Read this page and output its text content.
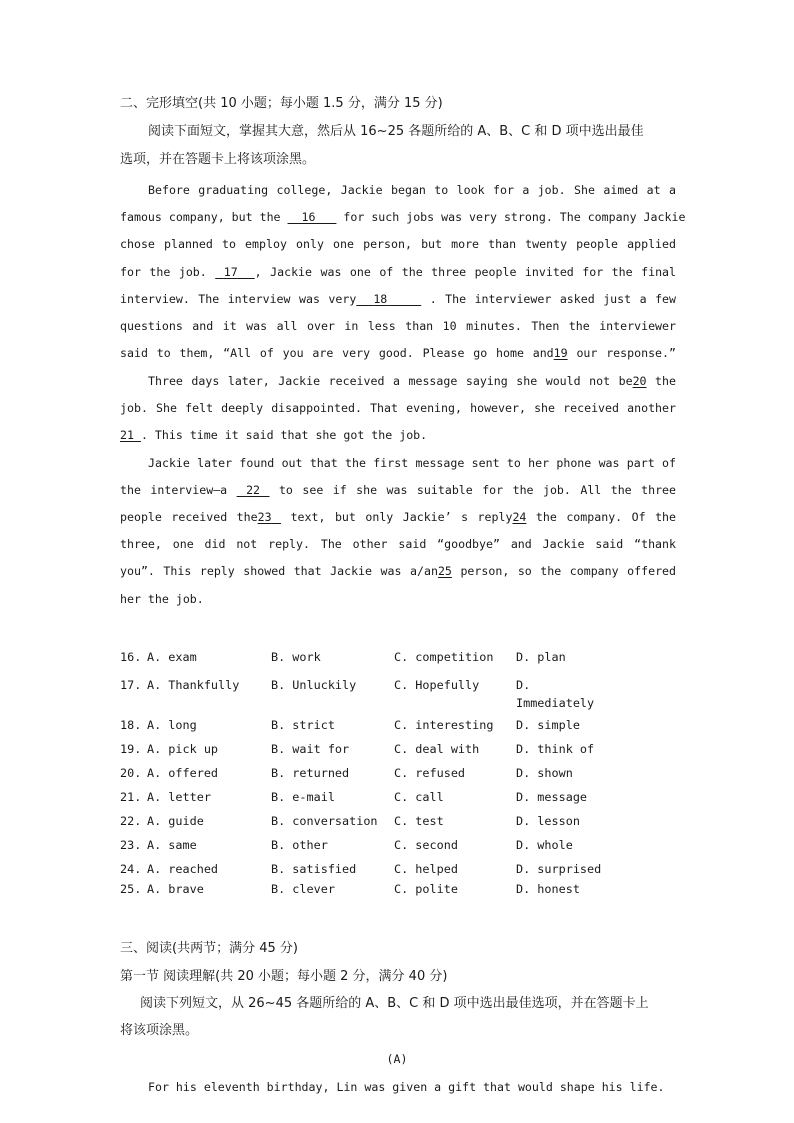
二、完形填空(共 10 小题；每小题 1.5 分，满分 15 分)
阅读下面短文，掌握其大意，然后从 16~25 各题所给的 A、B、C 和 D 项中选出最佳
选项，并在答题卡上将该项涂黑。
Before graduating college, Jackie began to look for a job. She aimed at a
famous company, but the 16 for such jobs was very strong. The company Jackie
chose planned to employ only one person, but more than twenty people applied
for the job. 17 , Jackie was one of the three people invited for the final
interview. The interview was very 18	. The interviewer asked just a few
questions and it was all over in less than 10 minutes. Then the interviewer
said to them, “All of you are very good. Please go home and19 our response.”
Three days later, Jackie received a message saying she would not be20 the
job. She felt deeply disappointed. That evening, however, she received another
21 . This time it said that she got the job.
Jackie later found out that the first message sent to her phone was part of
the interview—a 22 to see if she was suitable for the job. All the three
people received the23 text, but only Jackie’ s reply24 the company. Of the
three, one did not reply. The other said “goodbye” and Jackie said “thank
you”. This reply showed that Jackie was a/an25 person, so the company offered
her the job.
16. A. exam	B. work	C. competition D. plan
17. A. Thankfully	B. Unluckily	C. Hopefully	D.
Immediately
18. A. long	B. strict	C. interesting D. simple
19. A. pick up	B. wait for	C. deal with	D. think of
20. A. offered	B. returned	C. refused	D. shown
21. A. letter	B. e-mail	C. call	D. message
22. A. guide	B. conversation C. test	D. lesson
23. A. same	B. other	C. second	D. whole
24. A. reached	B. satisfied	C. helped	D. surprised
25. A. brave	B. clever	C. polite	D. honest
三、阅读(共两节；满分 45 分)
第一节 阅读理解(共 20 小题；每小题 2 分，满分 40 分)
阅读下列短文，从 26~45 各题所给的 A、B、C 和 D 项中选出最佳选项，并在答题卡上
将该项涂黑。
(A)
For his eleventh birthday, Lin was given a gift that would shape his life.
